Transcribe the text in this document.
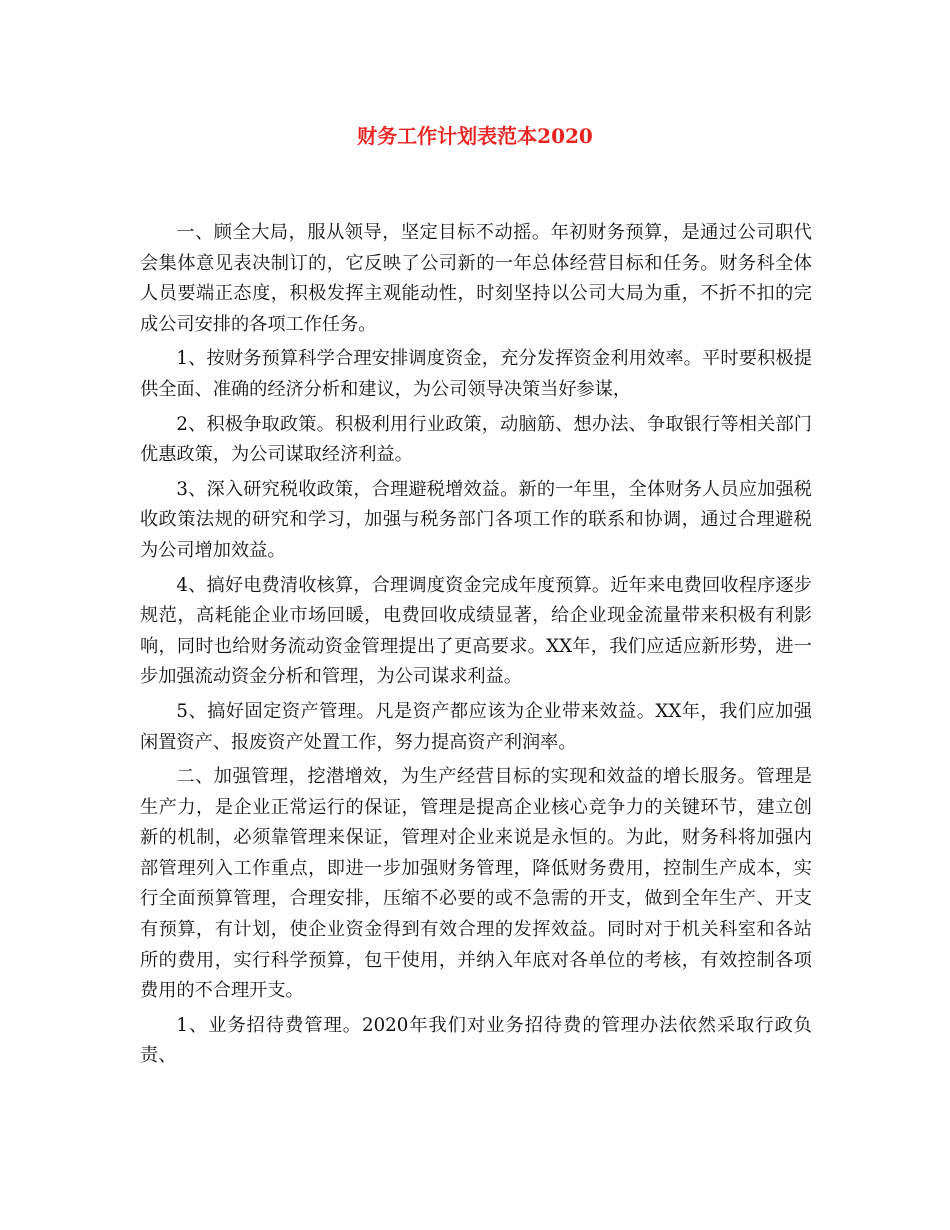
财务工作计划表范本2020

一、顾全大局，服从领导，坚定目标不动摇。年初财务预算，是通过公司职代会集体意见表决制订的，它反映了公司新的一年总体经营目标和任务。财务科全体人员要端正态度，积极发挥主观能动性，时刻坚持以公司大局为重，不折不扣的完成公司安排的各项工作任务。

1、按财务预算科学合理安排调度资金，充分发挥资金利用效率。平时要积极提供全面、准确的经济分析和建议，为公司领导决策当好参谋，

2、积极争取政策。积极利用行业政策，动脑筋、想办法、争取银行等相关部门优惠政策，为公司谋取经济利益。

3、深入研究税收政策，合理避税增效益。新的一年里，全体财务人员应加强税收政策法规的研究和学习，加强与税务部门各项工作的联系和协调，通过合理避税为公司增加效益。

4、搞好电费清收核算，合理调度资金完成年度预算。近年来电费回收程序逐步规范，高耗能企业市场回暖，电费回收成绩显著，给企业现金流量带来积极有利影响，同时也给财务流动资金管理提出了更高要求。XX年，我们应适应新形势，进一步加强流动资金分析和管理，为公司谋求利益。

5、搞好固定资产管理。凡是资产都应该为企业带来效益。XX年，我们应加强闲置资产、报废资产处置工作，努力提高资产利润率。

二、加强管理，挖潜增效，为生产经营目标的实现和效益的增长服务。管理是生产力，是企业正常运行的保证，管理是提高企业核心竞争力的关键环节，建立创新的机制，必须靠管理来保证，管理对企业来说是永恒的。为此，财务科将加强内部管理列入工作重点，即进一步加强财务管理，降低财务费用，控制生产成本，实行全面预算管理，合理安排，压缩不必要的或不急需的开支，做到全年生产、开支有预算，有计划，使企业资金得到有效合理的发挥效益。同时对于机关科室和各站所的费用，实行科学预算，包干使用，并纳入年底对各单位的考核，有效控制各项费用的不合理开支。

1、业务招待费管理。2020年我们对业务招待费的管理办法依然采取行政负责、
